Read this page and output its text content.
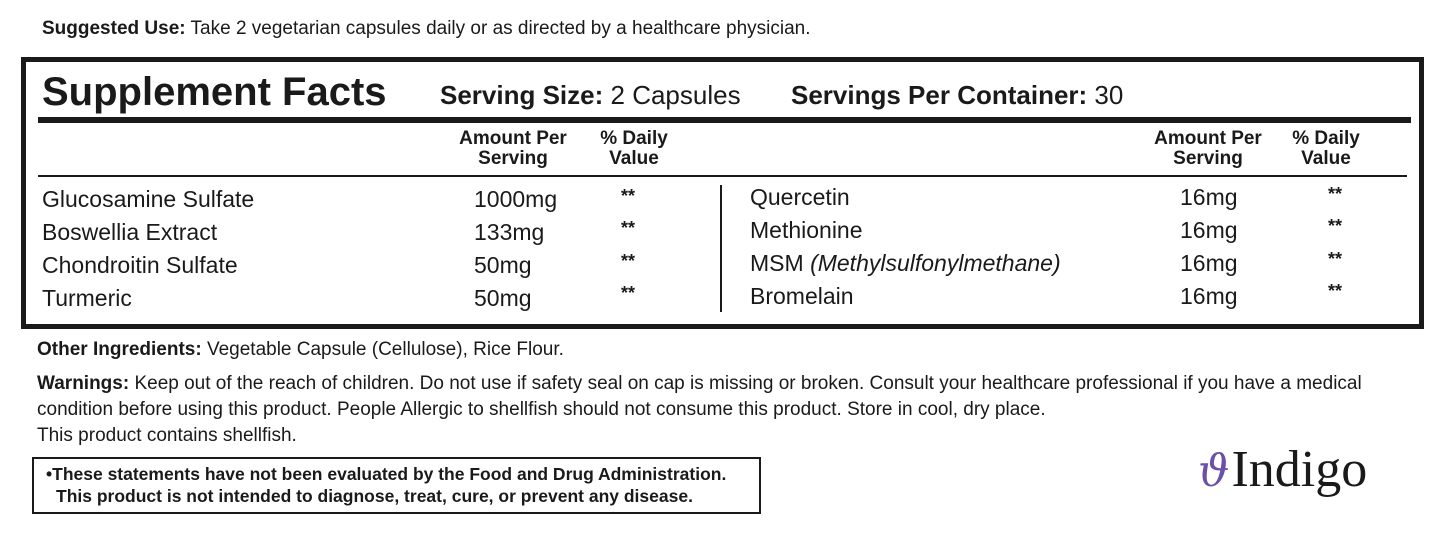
Suggested Use: Take 2 vegetarian capsules daily or as directed by a healthcare physician.
Supplement Facts Serving Size: 2 Capsules Servings Per Container: 30
Amount Per
Serving
% Daily
Value
Amount Per
Serving
% Daily
Value
Glucosamine Sulfate	1000mg	**
Boswellia Extract	133mg	**
Chondroitin Sulfate	50mg	**
Turmeric	50mg	**
Quercetin	16mg	**
Methionine	16mg	**
MSM (Methylsulfonylmethane)	16mg	**
Bromelain	16mg	**
Other Ingredients: Vegetable Capsule (Cellulose), Rice Flour.
Warnings: Keep out of the reach of children. Do not use if safety seal on cap is missing or broken. Consult your healthcare professional if you have a medical condition before using this product. People Allergic to shellfish should not consume this product. Store in cool, dry place.
This product contains shellfish.
•These statements have not been evaluated by the Food and Drug Administration.
This product is not intended to diagnose, treat, cure, or prevent any disease.	ϑ Indigo
